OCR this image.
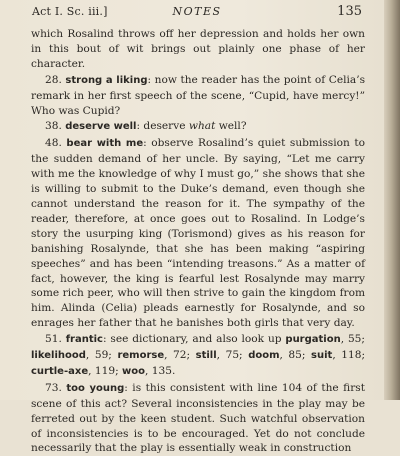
Act I. Sc. iii.]	NOTES	135

which Rosalind throws off her depression and holds her own in this bout of wit brings out plainly one phase of her character.

28. strong a liking: now the reader has the point of Celia’s remark in her first speech of the scene, “Cupid, have mercy!” Who was Cupid?

38. deserve well: deserve what well?

48. bear with me: observe Rosalind’s quiet submission to the sudden demand of her uncle. By saying, “Let me carry with me the knowledge of why I must go,” she shows that she is willing to submit to the Duke’s demand, even though she cannot understand the reason for it. The sympathy of the reader, therefore, at once goes out to Rosalind. In Lodge’s story the usurping king (Torismond) gives as his reason for banishing Rosalynde, that she has been making “aspiring speeches” and has been “intending treasons.” As a matter of fact, however, the king is fearful lest Rosalynde may marry some rich peer, who will then strive to gain the kingdom from him. Alinda (Celia) pleads earnestly for Rosalynde, and so enrages her father that he banishes both girls that very day.

51. frantic: see dictionary, and also look up purgation, 55; likelihood, 59; remorse, 72; still, 75; doom, 85; suit, 118; curtle-axe, 119; woo, 135.

73. too young: is this consistent with line 104 of the first scene of this act? Several inconsistencies in the play may be ferreted out by the keen student. Such watchful observation of inconsistencies is to be encouraged. Yet do not conclude necessarily that the play is essentially weak in construction
